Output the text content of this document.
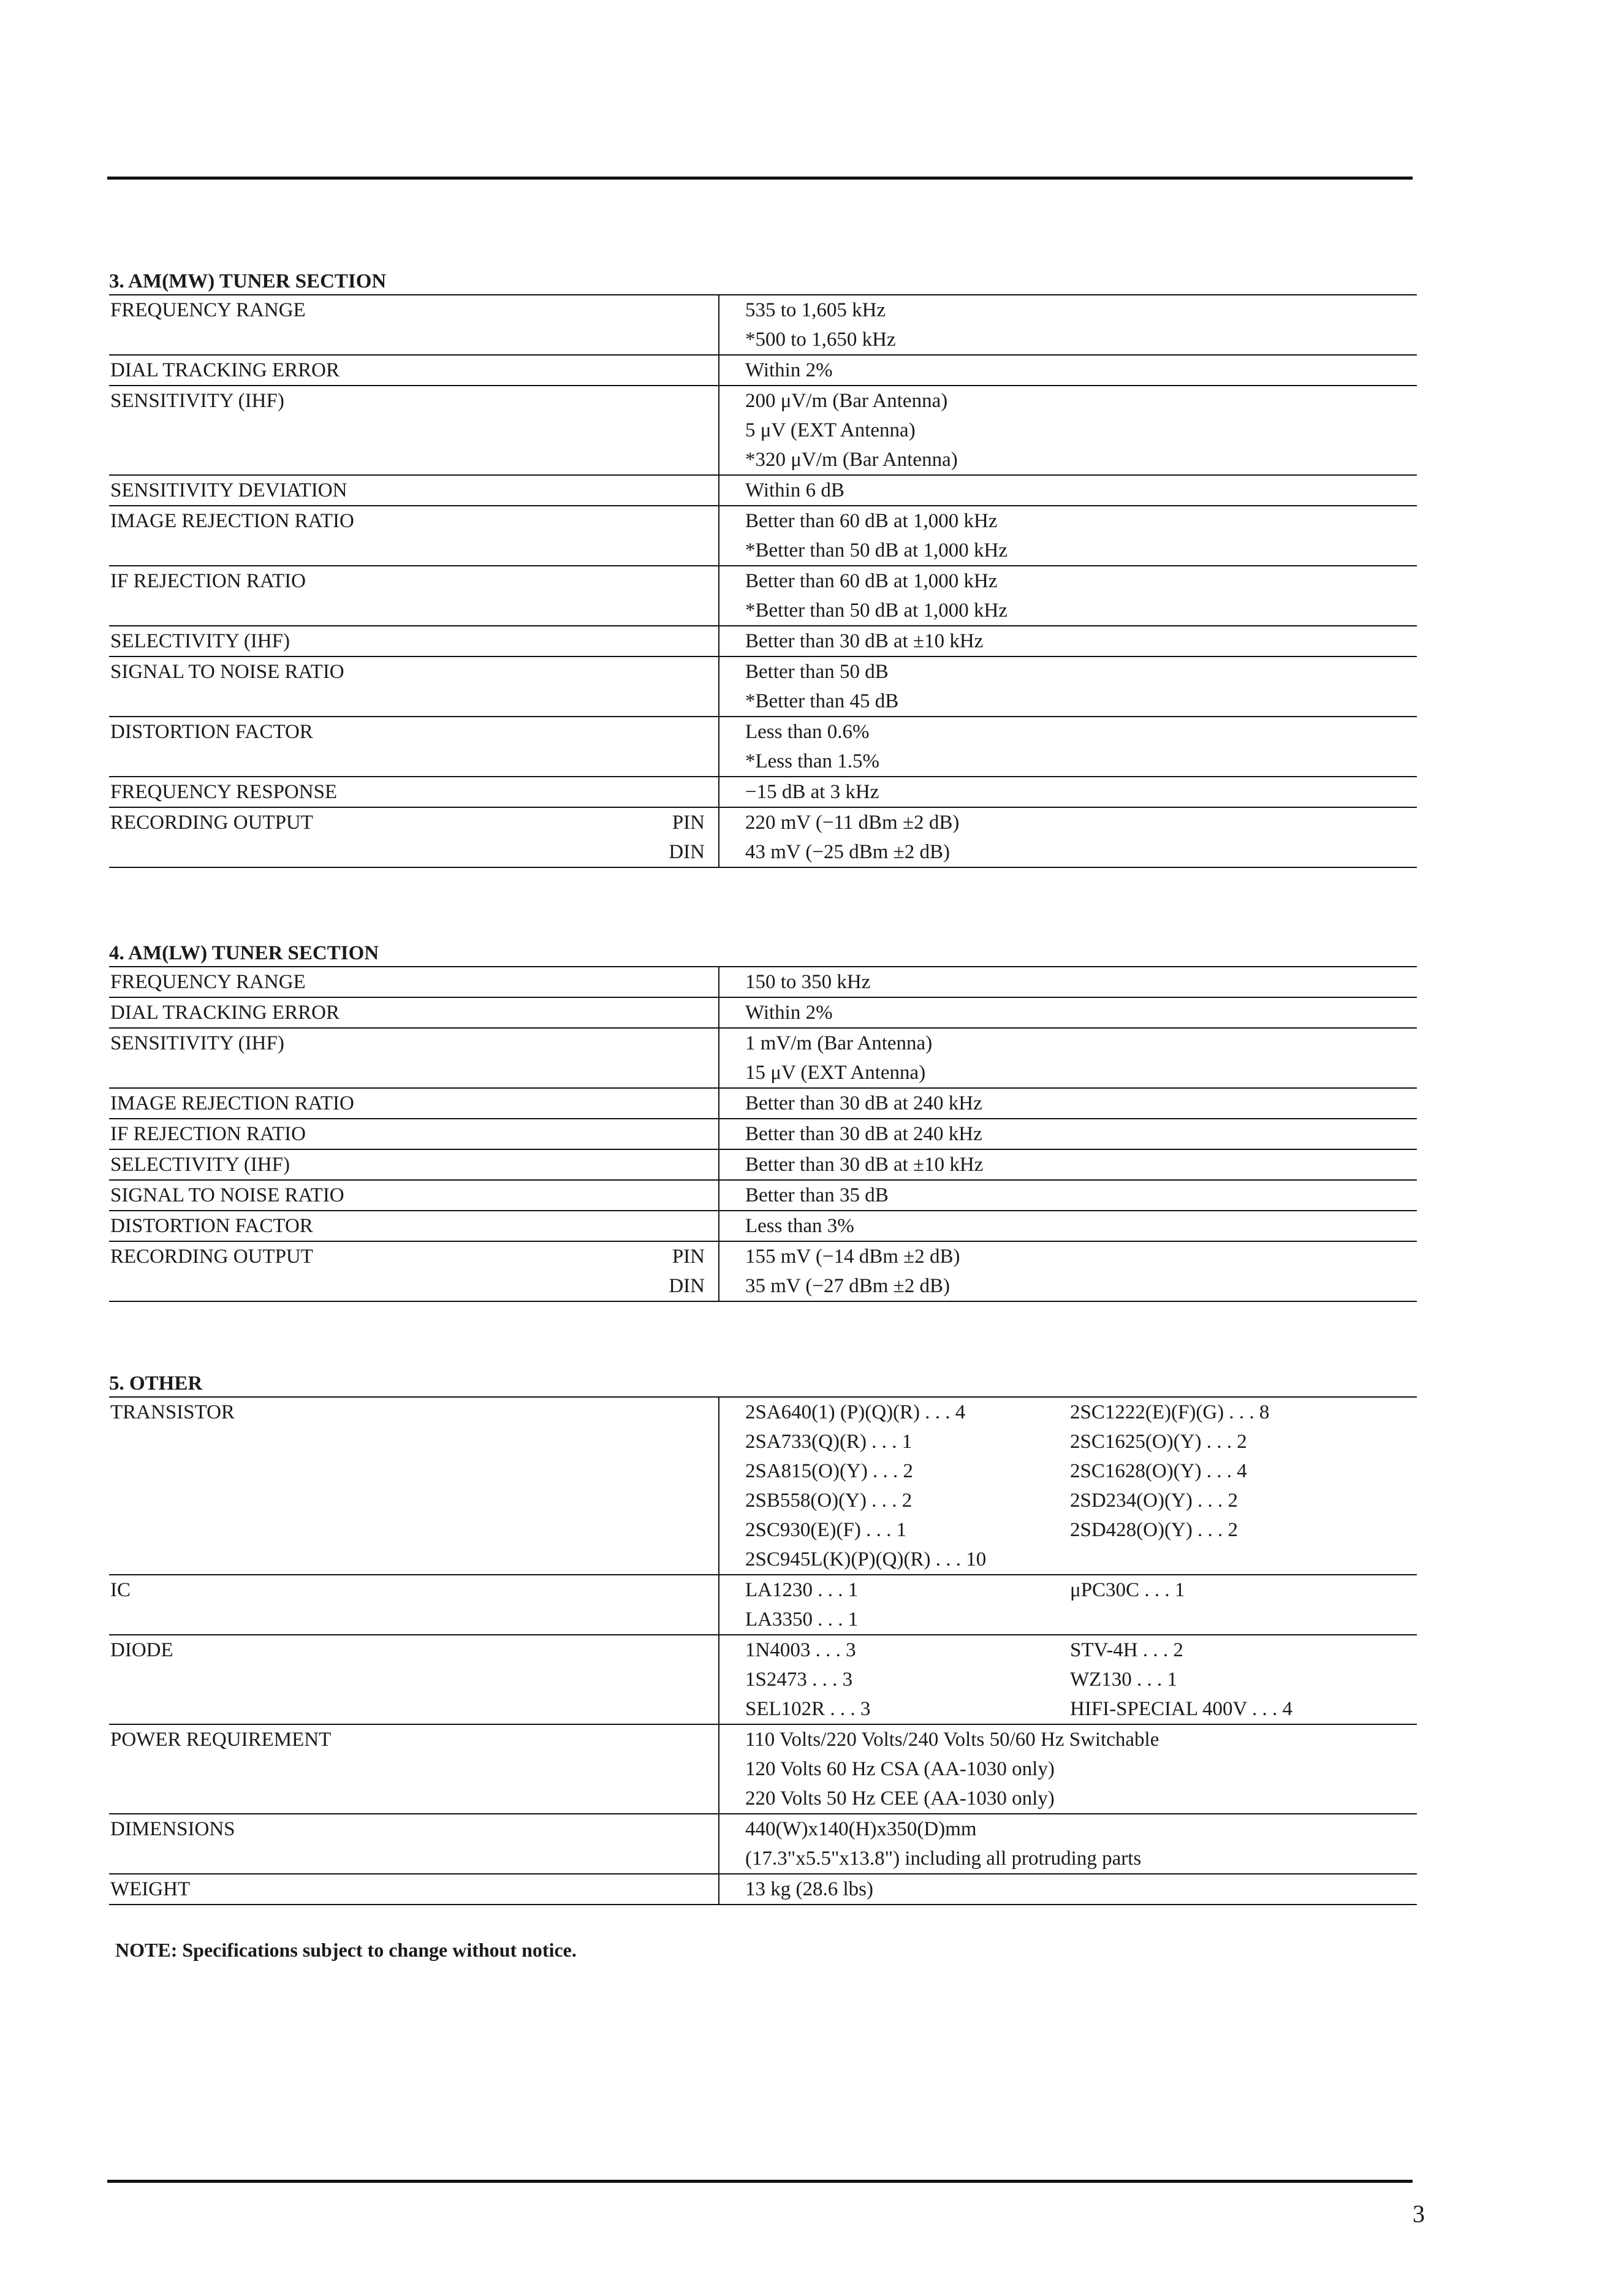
3. AM(MW) TUNER SECTION
FREQUENCY RANGE		535 to 1,605 kHz
		*500 to 1,650 kHz
DIAL TRACKING ERROR		Within 2%
SENSITIVITY (IHF)		200 μV/m (Bar Antenna)
		5 μV (EXT Antenna)
		*320 μV/m (Bar Antenna)
SENSITIVITY DEVIATION		Within 6 dB
IMAGE REJECTION RATIO		Better than 60 dB at 1,000 kHz
		*Better than 50 dB at 1,000 kHz
IF REJECTION RATIO		Better than 60 dB at 1,000 kHz
		*Better than 50 dB at 1,000 kHz
SELECTIVITY (IHF)		Better than 30 dB at ±10 kHz
SIGNAL TO NOISE RATIO		Better than 50 dB
		*Better than 45 dB
DISTORTION FACTOR		Less than 0.6%
		*Less than 1.5%
FREQUENCY RESPONSE		−15 dB at 3 kHz
RECORDING OUTPUT	PIN	220 mV (−11 dBm ±2 dB)
	DIN	43 mV (−25 dBm ±2 dB)
4. AM(LW) TUNER SECTION
FREQUENCY RANGE		150 to 350 kHz
DIAL TRACKING ERROR		Within 2%
SENSITIVITY (IHF)		1 mV/m (Bar Antenna)
		15 μV (EXT Antenna)
IMAGE REJECTION RATIO		Better than 30 dB at 240 kHz
IF REJECTION RATIO		Better than 30 dB at 240 kHz
SELECTIVITY (IHF)		Better than 30 dB at ±10 kHz
SIGNAL TO NOISE RATIO		Better than 35 dB
DISTORTION FACTOR		Less than 3%
RECORDING OUTPUT	PIN	155 mV (−14 dBm ±2 dB)
	DIN	35 mV (−27 dBm ±2 dB)
5. OTHER
TRANSISTOR		2SA640(1) (P)(Q)(R) . . . 4	2SC1222(E)(F)(G) . . . 8
		2SA733(Q)(R) . . . 1	2SC1625(O)(Y) . . . 2
		2SA815(O)(Y) . . . 2	2SC1628(O)(Y) . . . 4
		2SB558(O)(Y) . . . 2	2SD234(O)(Y) . . . 2
		2SC930(E)(F) . . . 1	2SD428(O)(Y) . . . 2
		2SC945L(K)(P)(Q)(R) . . . 10	
IC		LA1230 . . . 1	μPC30C . . . 1
		LA3350 . . . 1	
DIODE		1N4003 . . . 3	STV-4H . . . 2
		1S2473 . . . 3	WZ130 . . . 1
		SEL102R . . . 3	HIFI-SPECIAL 400V . . . 4
POWER REQUIREMENT		110 Volts/220 Volts/240 Volts 50/60 Hz Switchable	
		120 Volts 60 Hz CSA (AA-1030 only)	
		220 Volts 50 Hz CEE (AA-1030 only)	
DIMENSIONS		440(W)x140(H)x350(D)mm	
		(17.3"x5.5"x13.8") including all protruding parts	
WEIGHT		13 kg (28.6 lbs)	
NOTE: Specifications subject to change without notice.
3
